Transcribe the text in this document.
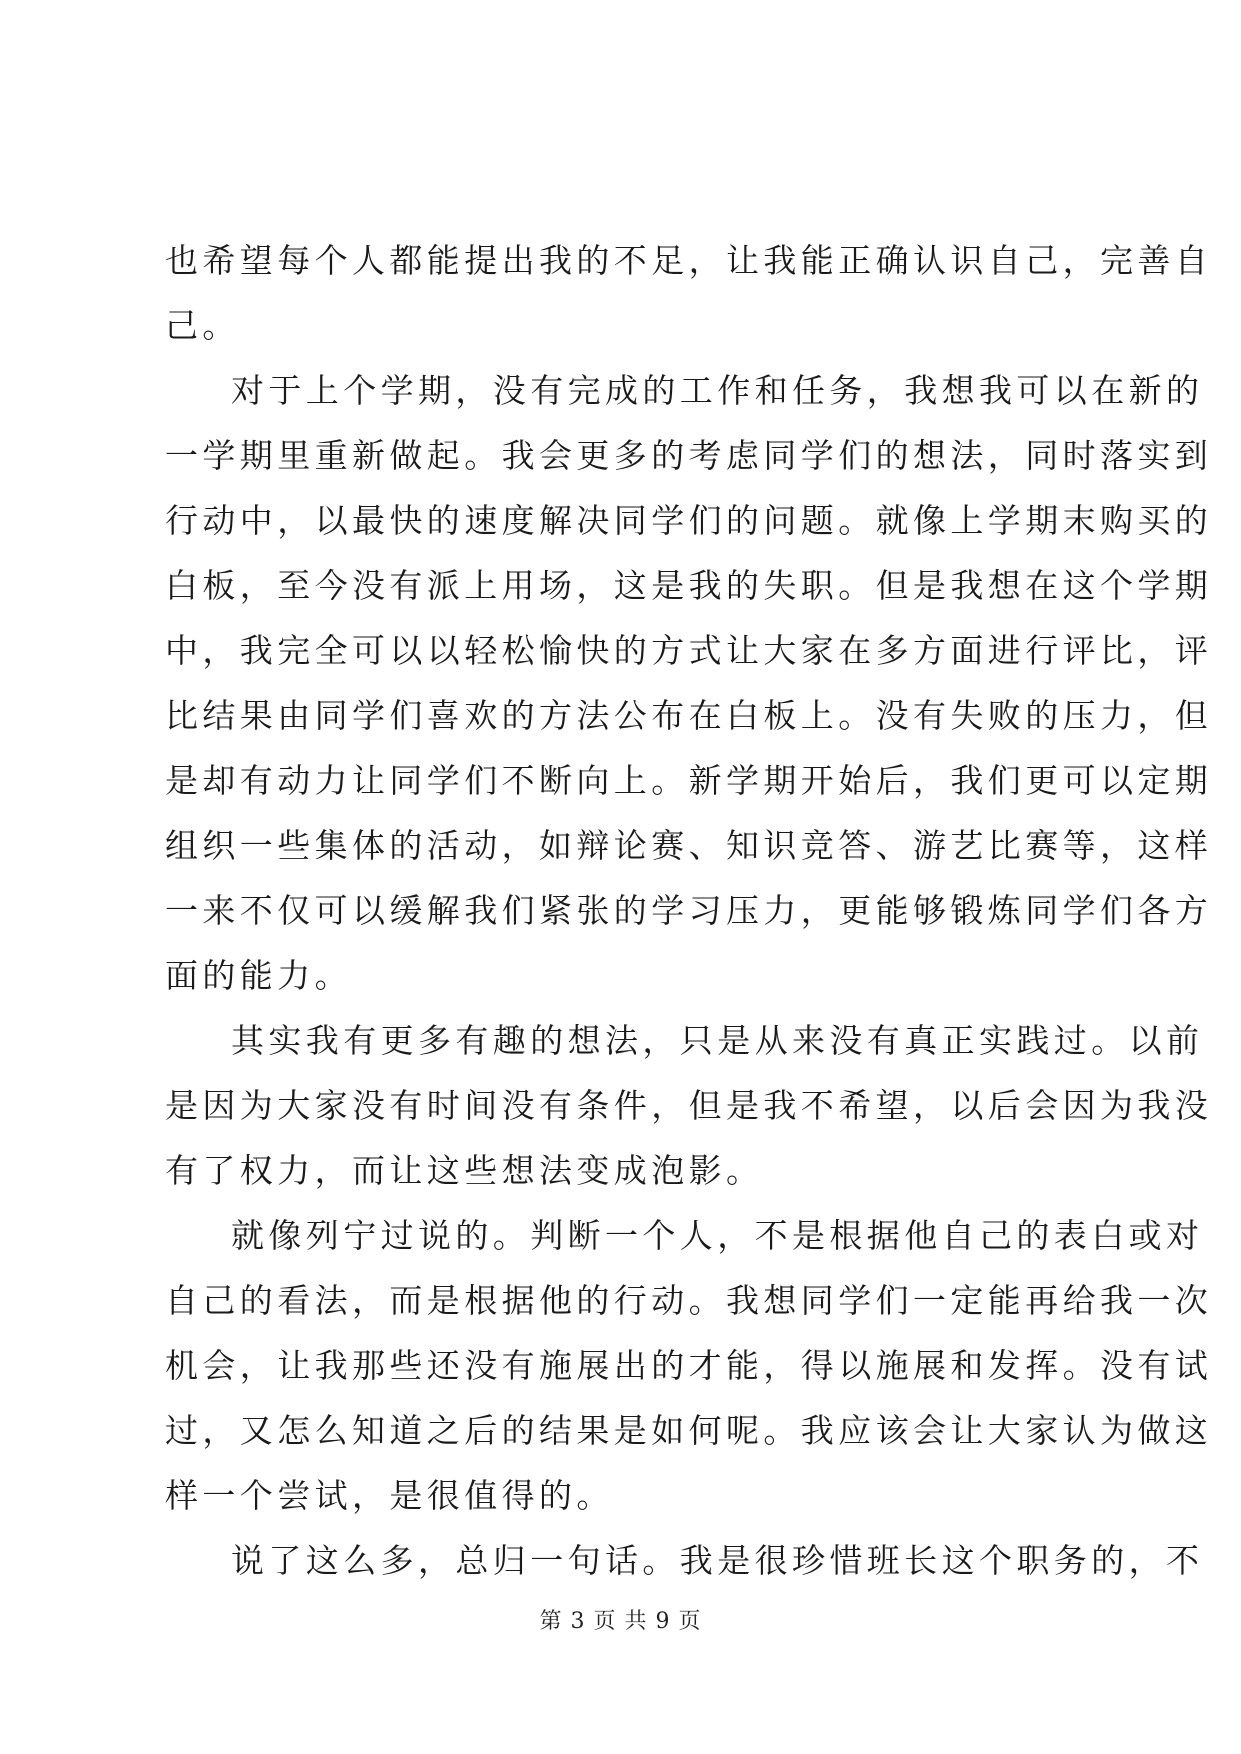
也希望每个人都能提出我的不足，让我能正确认识自己，完善自
己。
对于上个学期，没有完成的工作和任务，我想我可以在新的
一学期里重新做起。我会更多的考虑同学们的想法，同时落实到
行动中，以最快的速度解决同学们的问题。就像上学期末购买的
白板，至今没有派上用场，这是我的失职。但是我想在这个学期
中，我完全可以以轻松愉快的方式让大家在多方面进行评比，评
比结果由同学们喜欢的方法公布在白板上。没有失败的压力，但
是却有动力让同学们不断向上。新学期开始后，我们更可以定期
组织一些集体的活动，如辩论赛、知识竞答、游艺比赛等，这样
一来不仅可以缓解我们紧张的学习压力，更能够锻炼同学们各方
面的能力。
其实我有更多有趣的想法，只是从来没有真正实践过。以前
是因为大家没有时间没有条件，但是我不希望，以后会因为我没
有了权力，而让这些想法变成泡影。
就像列宁过说的。判断一个人，不是根据他自己的表白或对
自己的看法，而是根据他的行动。我想同学们一定能再给我一次
机会，让我那些还没有施展出的才能，得以施展和发挥。没有试
过，又怎么知道之后的结果是如何呢。我应该会让大家认为做这
样一个尝试，是很值得的。
说了这么多，总归一句话。我是很珍惜班长这个职务的，不
第 3 页 共 9 页
